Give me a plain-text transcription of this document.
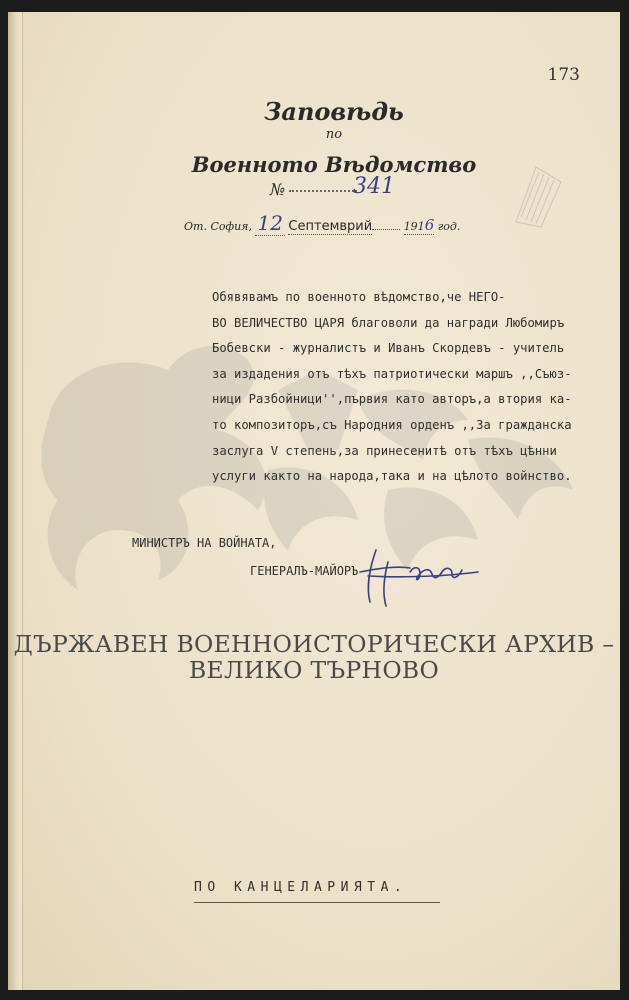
173
Заповѣдь
по
Военното Вѣдомство
№	341
От. София, 12 Септемврий	1916 год.
Обявявамъ по военното вѣдомство,че НЕГО-
ВО ВЕЛИЧЕСТВО ЦАРЯ благоволи да награди Любомиръ
Бобевски - журналистъ и Иванъ Скордевъ - учитель
за издадения отъ тѣхъ патриотически маршъ ,,Съюз-
ници Разбойници'',първия като авторъ,а втория ка-
то композиторъ,съ Народния орденъ ,,За гражданска
заслуга V степень,за принесенитѣ отъ тѣхъ цѣнни
услуги както на народа,така и на цѣлото войнство.
МИНИСТРЪ НА ВОЙНАТА,
ГЕНЕРАЛЪ-МАЙОРЪ
ДЪРЖАВЕН ВОЕННОИСТОРИЧЕСКИ АРХИВ –
ВЕЛИКО ТЪРНОВО
ПО КАНЦЕЛАРИЯТА.
